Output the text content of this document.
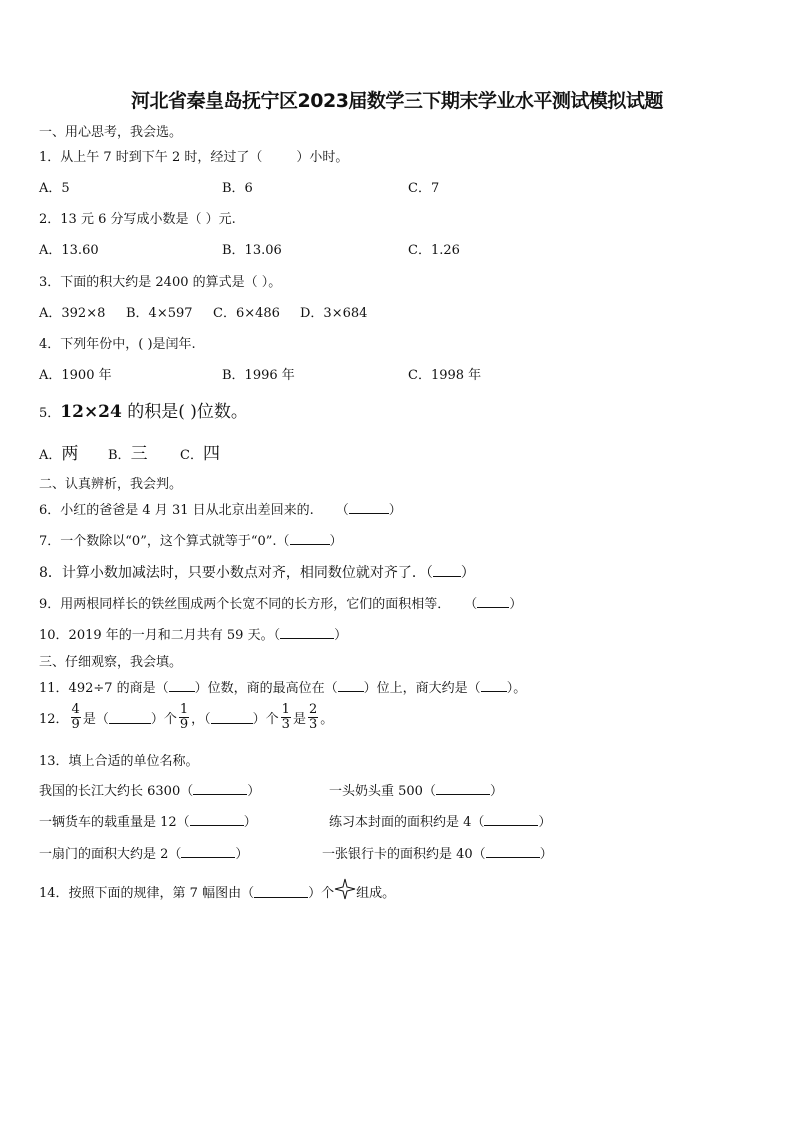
河北省秦皇岛抚宁区2023届数学三下期末学业水平测试模拟试题
一、用心思考，我会选。
1．从上午 7 时到下午 2 时，经过了（	）小时。
A．5	B．6	C．7
2．13 元 6 分写成小数是（ ）元.
A．13.60	B．13.06	C．1.26
3．下面的积大约是 2400 的算式是（ ）。
A．392×8 B．4×597 C．6×486 D．3×684
4．下列年份中，( )是闰年.
A．1900 年	B．1996 年	C．1998 年
5．12×24 的积是( )位数。
A．两 B．三 C．四
二、认真辨析，我会判。
6．小红的爸爸是 4 月 31 日从北京出差回来的. （	）
7．一个数除以“0”，这个算式就等于“0”.（	）
8．计算小数加减法时，只要小数点对齐，相同数位就对齐了．（ ）
9．用两根同样长的铁丝围成两个长宽不同的长方形，它们的面积相等． （ ）
10．2019 年的一月和二月共有 59 天。（	）
三、仔细观察，我会填。
11．492÷7 的商是（ ）位数，商的最高位在（ ）位上，商大约是（ ）。
12． $\frac{4}{9}$ 是（	）个 $\frac{1}{9}$ ，（	）个 $\frac{1}{3}$ 是 $\frac{2}{3}$ 。
13．填上合适的单位名称。
我国的长江大约长 6300（	）	一头奶头重 500（	）
一辆货车的载重量是 12（	）	练习本封面的面积约是 4（	）
一扇门的面积大约是 2（	）	一张银行卡的面积约是 40（	）
14．按照下面的规律，第 7 幅图由（	）个 组成。
